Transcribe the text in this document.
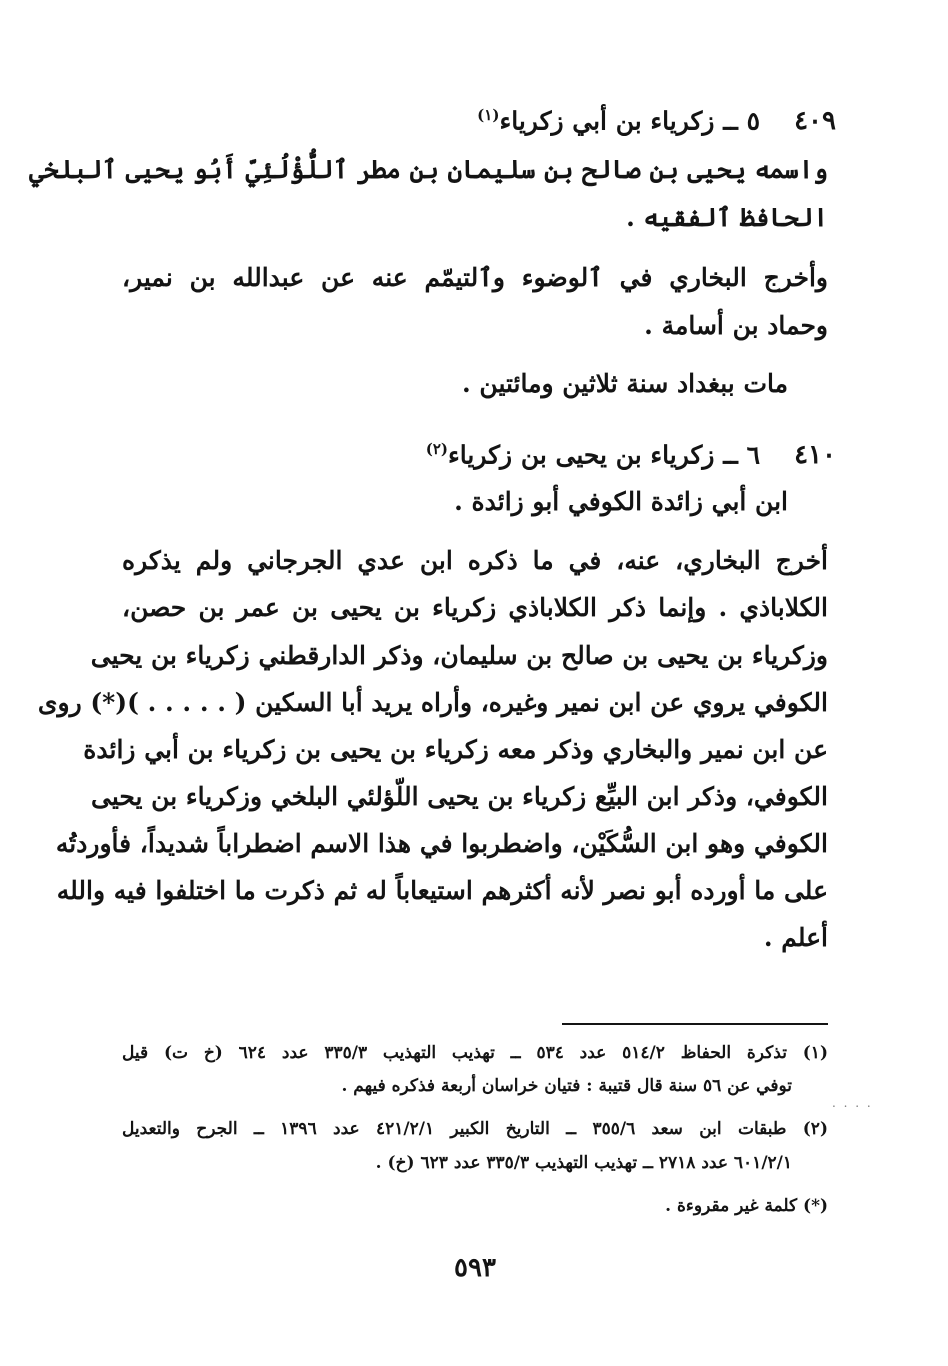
٤٠٩
٥ ــ زكرياء بن أبي زكرياء$^{(١)}$
واسمه يحيى بن صالح بن سليمان بن مطر ٱللُّؤْلُئِيّ أَبُو يحيى ٱلبلخي
الحافظ ٱلفقيه .
وأخرج البخاري في ٱلوضوء وٱلتيمّم عنه عن عبدالله بن نمير،
وحماد بن أسامة .
مات ببغداد سنة ثلاثين ومائتين .
٤١٠
٦ ــ زكرياء بن يحيى بن زكرياء$^{(٢)}$
ابن أبي زائدة الكوفي أبو زائدة .
أخرج البخاري، عنه، في ما ذكره ابن عدي الجرجاني ولم يذكره
الكلاباذي . وإنما ذكر الكلاباذي زكرياء بن يحيى بن عمر بن حصن،
وزكرياء بن يحيى بن صالح بن سليمان، وذكر الدارقطني زكرياء بن يحيى
الكوفي يروي عن ابن نمير وغيره، وأراه يريد أبا السكين ( . . . . . )(*) روى
عن ابن نمير والبخاري وذكر معه زكرياء بن يحيى بن زكرياء بن أبي زائدة
الكوفي، وذكر ابن البيِّع زكرياء بن يحيى اللّؤلئي البلخي وزكرياء بن يحيى
الكوفي وهو ابن السُّكَيْن، واضطربوا في هذا الاسم اضطراباً شديداً، فأوردتُه
على ما أورده أبو نصر لأنه أكثرهم استيعاباً له ثم ذكرت ما اختلفوا فيه والله
أعلم .
(١) تذكرة الحفاظ ٥١٤/٢ عدد ٥٣٤ ــ تهذيب التهذيب ٣٣٥/٣ عدد ٦٢٤ (خ ت) قيل
توفي عن ٥٦ سنة قال قتيبة : فتيان خراسان أربعة فذكره فيهم .
(٢) طبقات ابن سعد ٣٥٥/٦ ــ التاريخ الكبير ٤٢١/٢/١ عدد ١٣٩٦ ــ الجرح والتعديل
٦٠١/٢/١ عدد ٢٧١٨ ــ تهذيب التهذيب ٣٣٥/٣ عدد ٦٢٣ (خ) .
(*) كلمة غير مقروءة .
. . . .
٥٩٣
